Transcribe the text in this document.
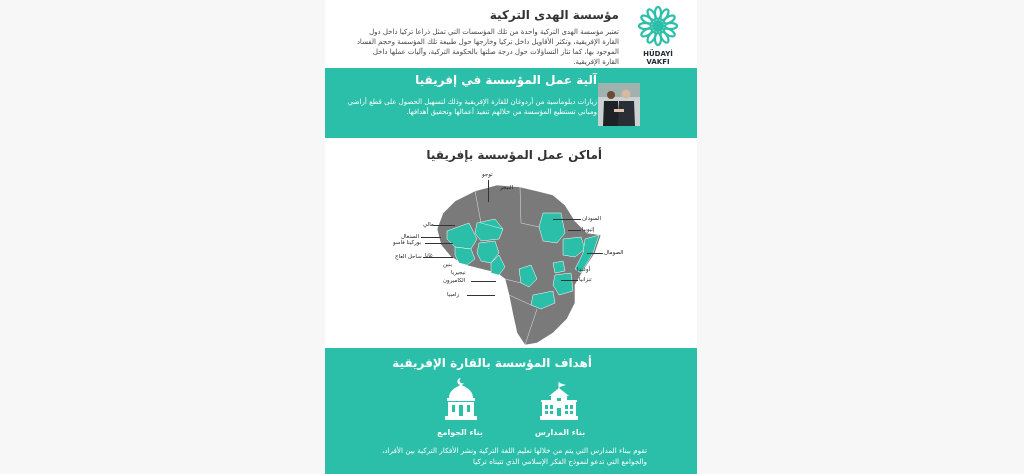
مؤسسة الهدى التركية
تعتبر مؤسسة الهدى التركية واحدة من تلك المؤسسات التي تمثل ذراعا تركيا داخل دول القارة الإفريقية، وتكثر الأقاويل داخل تركيا وخارجها حول طبيعة تلك المؤسسة وحجم الفساد الموجود بها، كما تثار التساؤلات حول درجة صلتها بالحكومة التركية، وآليات عملها داخل القارة الإفريقية.
HÜDAYİ
VAKFI
آلية عمل المؤسسة في إفريقيا
زيارات دبلوماسية من أردوغان للقارة الإفريقية وذلك لتسهيل الحصول على قطع أراضي ومباني تستطيع المؤسسة من خلالهم تنفيذ أعمالها وتحقيق أهدافها.
أماكن عمل المؤسسة بإفريقيا
توجو
النيجر
السودان
إثيوبيا
الصومال
مالي
السنغال
بوركينا فاسو
غانا
ساحل العاج
بنين
نيجيريا	أوغندا
تنزانيا
الكاميرون
زامبيا
أهداف المؤسسة بالقارة الإفريقية
بناء الجوامع	بناء المدارس
تقوم ببناء المدارس التي يتم من خلالها تعليم اللغة التركية ونشر الأفكار التركية بين الأفراد،
والجوامع التي تدعو لنموذج الفكر الإسلامي الذي تتبناه تركيا
